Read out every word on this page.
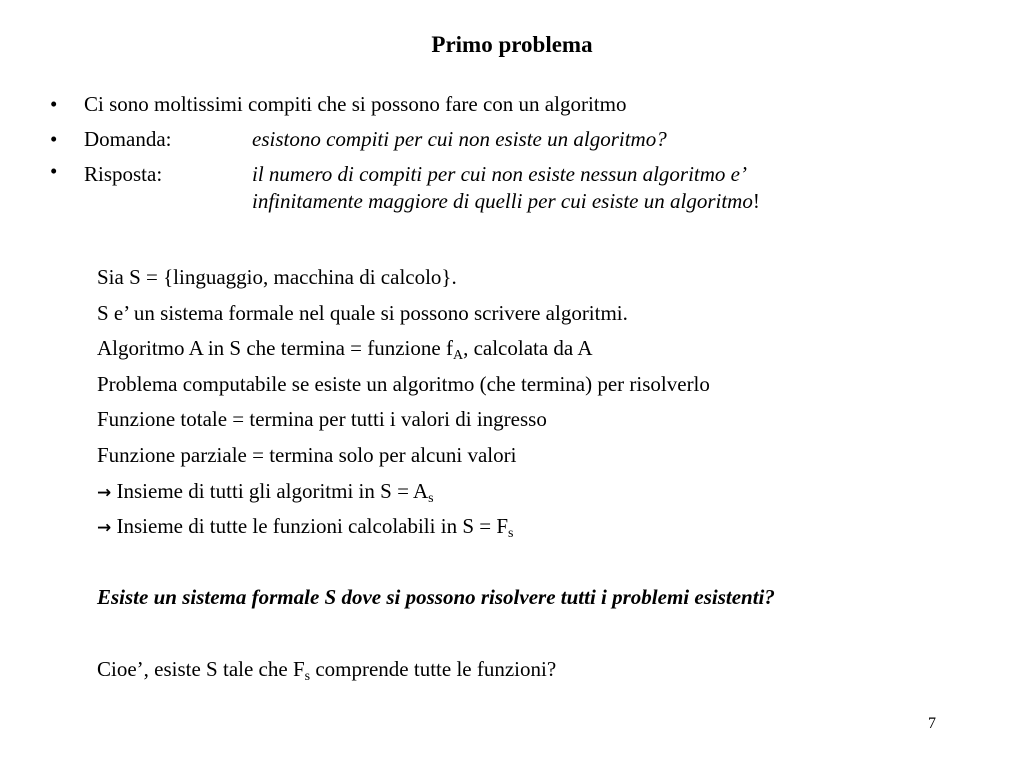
Primo problema
• Ci sono moltissimi compiti che si possono fare con un algoritmo
• Domanda:	esistono compiti per cui non esiste un algoritmo?
• Risposta:	il numero di compiti per cui non esiste nessun algoritmo e’
infinitamente maggiore di quelli per cui esiste un algoritmo!
Sia S = {linguaggio, macchina di calcolo}.
S e’ un sistema formale nel quale si possono scrivere algoritmi.
Algoritmo A in S che termina = funzione $f_A$, calcolata da A
Problema computabile se esiste un algoritmo (che termina) per risolverlo
Funzione totale = termina per tutti i valori di ingresso
Funzione parziale = termina solo per alcuni valori
→ Insieme di tutti gli algoritmi in $S = A_s$
→ Insieme di tutte le funzioni calcolabili in $S = F_s$
Esiste un sistema formale S dove si possono risolvere tutti i problemi esistenti?
Cioe’, esiste S tale che $F_s$ comprende tutte le funzioni?
7
